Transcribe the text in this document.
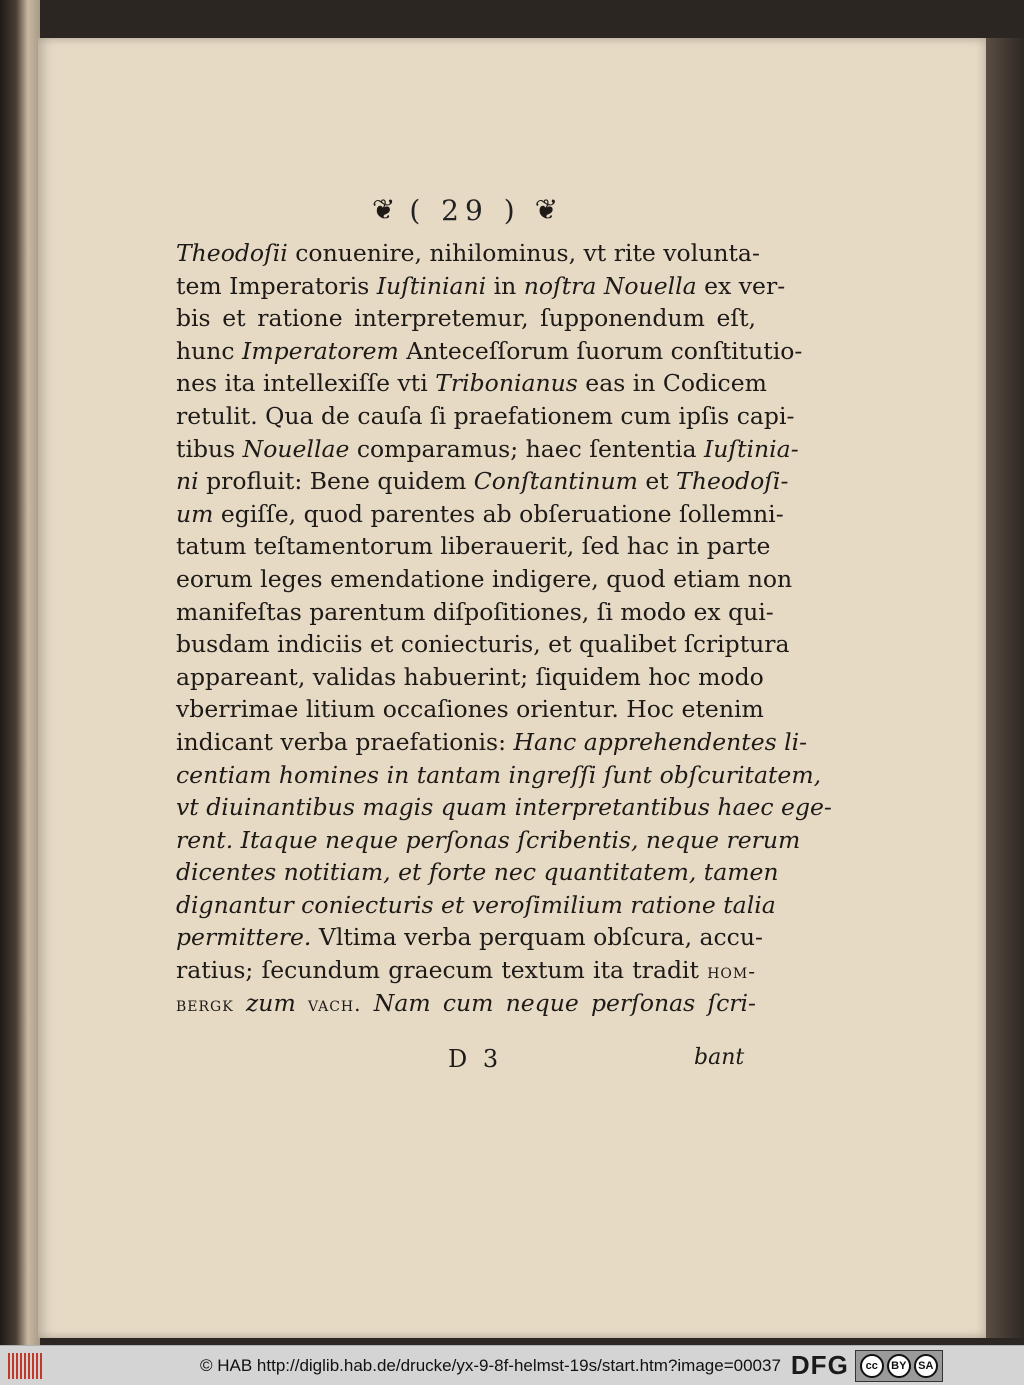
❦ ( 29 ) ❦
Theodoſii conuenire, nihilominus, vt rite volunta-
tem Imperatoris Iuſtiniani in noſtra Nouella ex ver-
bis et ratione interpretemur, ſupponendum eſt,
hunc Imperatorem Anteceſſorum ſuorum conſtitutio-
nes ita intellexiſſe vti Tribonianus eas in Codicem
retulit. Qua de cauſa ſi praefationem cum ipſis capi-
tibus Nouellae comparamus; haec ſententia Iuſtinia-
ni profluit: Bene quidem Conſtantinum et Theodoſi-
um egiſſe, quod parentes ab obſeruatione ſollemni-
tatum teſtamentorum liberauerit, ſed hac in parte
eorum leges emendatione indigere, quod etiam non
manifeſtas parentum diſpoſitiones, ſi modo ex qui-
busdam indiciis et coniecturis, et qualibet ſcriptura
appareant, validas habuerint; ſiquidem hoc modo
vberrimae litium occaſiones orientur. Hoc etenim
indicant verba praefationis: Hanc apprehendentes li-
centiam homines in tantam ingreſſi ſunt obſcuritatem,
vt diuinantibus magis quam interpretantibus haec ege-
rent. Itaque neque perſonas ſcribentis, neque rerum
dicentes notitiam, et forte nec quantitatem, tamen
dignantur coniecturis et veroſimilium ratione talia
permittere. Vltima verba perquam obſcura, accu-
ratius; ſecundum graecum textum ita tradit hom-
bergk zum vach. Nam cum neque perſonas ſcri-
D 3	bant
© HAB http://diglib.hab.de/drucke/yx-9-8f-helmst-19s/start.htm?image=00037 DFG	cc	BY	SA
